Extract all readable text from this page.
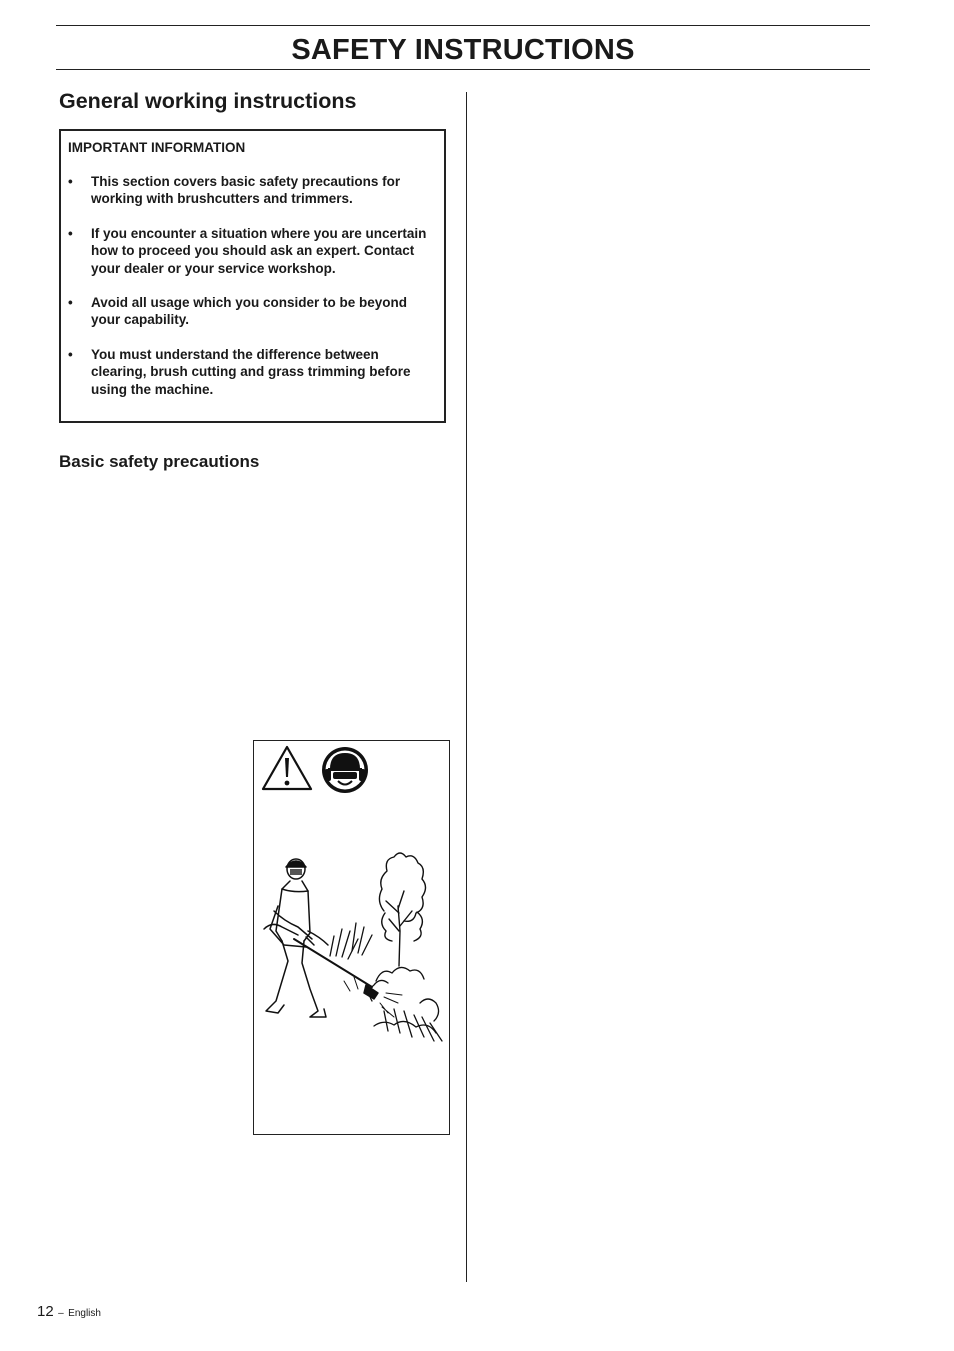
SAFETY INSTRUCTIONS
General working instructions
IMPORTANT INFORMATION
• This section covers basic safety precautions for working with brushcutters and trimmers.
• If you encounter a situation where you are uncertain how to proceed you should ask an expert. Contact your dealer or your service workshop.
• Avoid all usage which you consider to be beyond your capability.
• You must understand the difference between clearing, brush cutting and grass trimming before using the machine.
Basic safety precautions
12 – English
